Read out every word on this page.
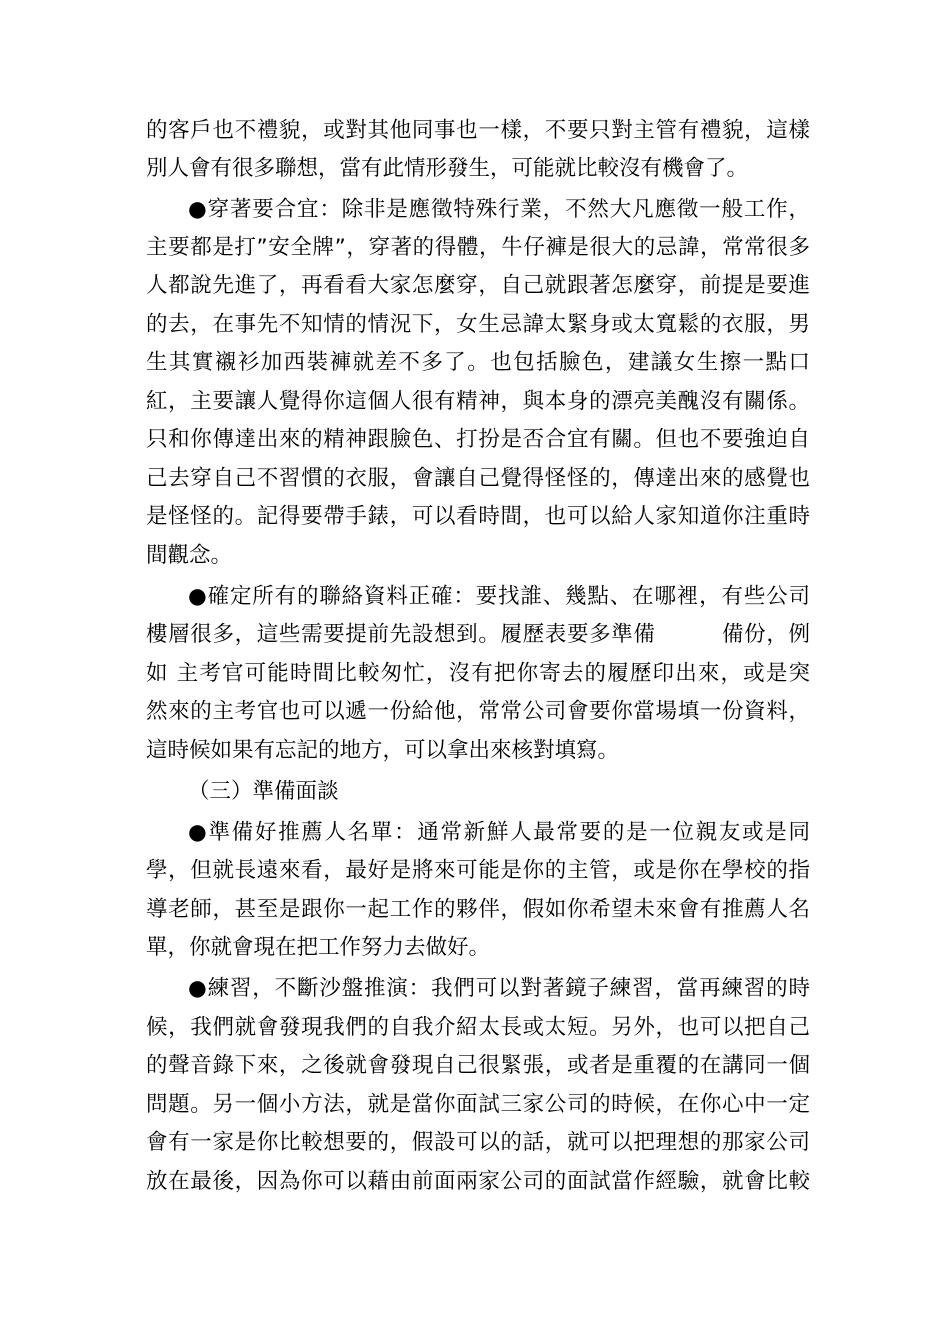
的客戶也不禮貌，或對其他同事也一樣，不要只對主管有禮貌，這樣
別人會有很多聯想，當有此情形發生，可能就比較沒有機會了。
●穿著要合宜：除非是應徵特殊行業，不然大凡應徵一般工作，
主要都是打”安全牌”，穿著的得體，牛仔褲是很大的忌諱，常常很多
人都說先進了，再看看大家怎麼穿，自己就跟著怎麼穿，前提是要進
的去，在事先不知情的情況下，女生忌諱太緊身或太寬鬆的衣服，男
生其實襯衫加西裝褲就差不多了。也包括臉色，建議女生擦一點口
紅，主要讓人覺得你這個人很有精神，與本身的漂亮美醜沒有關係。
只和你傳達出來的精神跟臉色、打扮是否合宜有關。但也不要強迫自
己去穿自己不習慣的衣服，會讓自己覺得怪怪的，傳達出來的感覺也
是怪怪的。記得要帶手錶，可以看時間，也可以給人家知道你注重時
間觀念。
●確定所有的聯絡資料正確：要找誰、幾點、在哪裡，有些公司
樓層很多，這些需要提前先設想到。履歷表要多準備　　　備份，例
如 主考官可能時間比較匆忙，沒有把你寄去的履歷印出來，或是突
然來的主考官也可以遞一份給他，常常公司會要你當場填一份資料，
這時候如果有忘記的地方，可以拿出來核對填寫。
（三）準備面談
●準備好推薦人名單：通常新鮮人最常要的是一位親友或是同
學，但就長遠來看，最好是將來可能是你的主管，或是你在學校的指
導老師，甚至是跟你一起工作的夥伴，假如你希望未來會有推薦人名
單，你就會現在把工作努力去做好。
●練習，不斷沙盤推演：我們可以對著鏡子練習，當再練習的時
候，我們就會發現我們的自我介紹太長或太短。另外，也可以把自己
的聲音錄下來，之後就會發現自己很緊張，或者是重覆的在講同一個
問題。另一個小方法，就是當你面試三家公司的時候，在你心中一定
會有一家是你比較想要的，假設可以的話，就可以把理想的那家公司
放在最後，因為你可以藉由前面兩家公司的面試當作經驗，就會比較
